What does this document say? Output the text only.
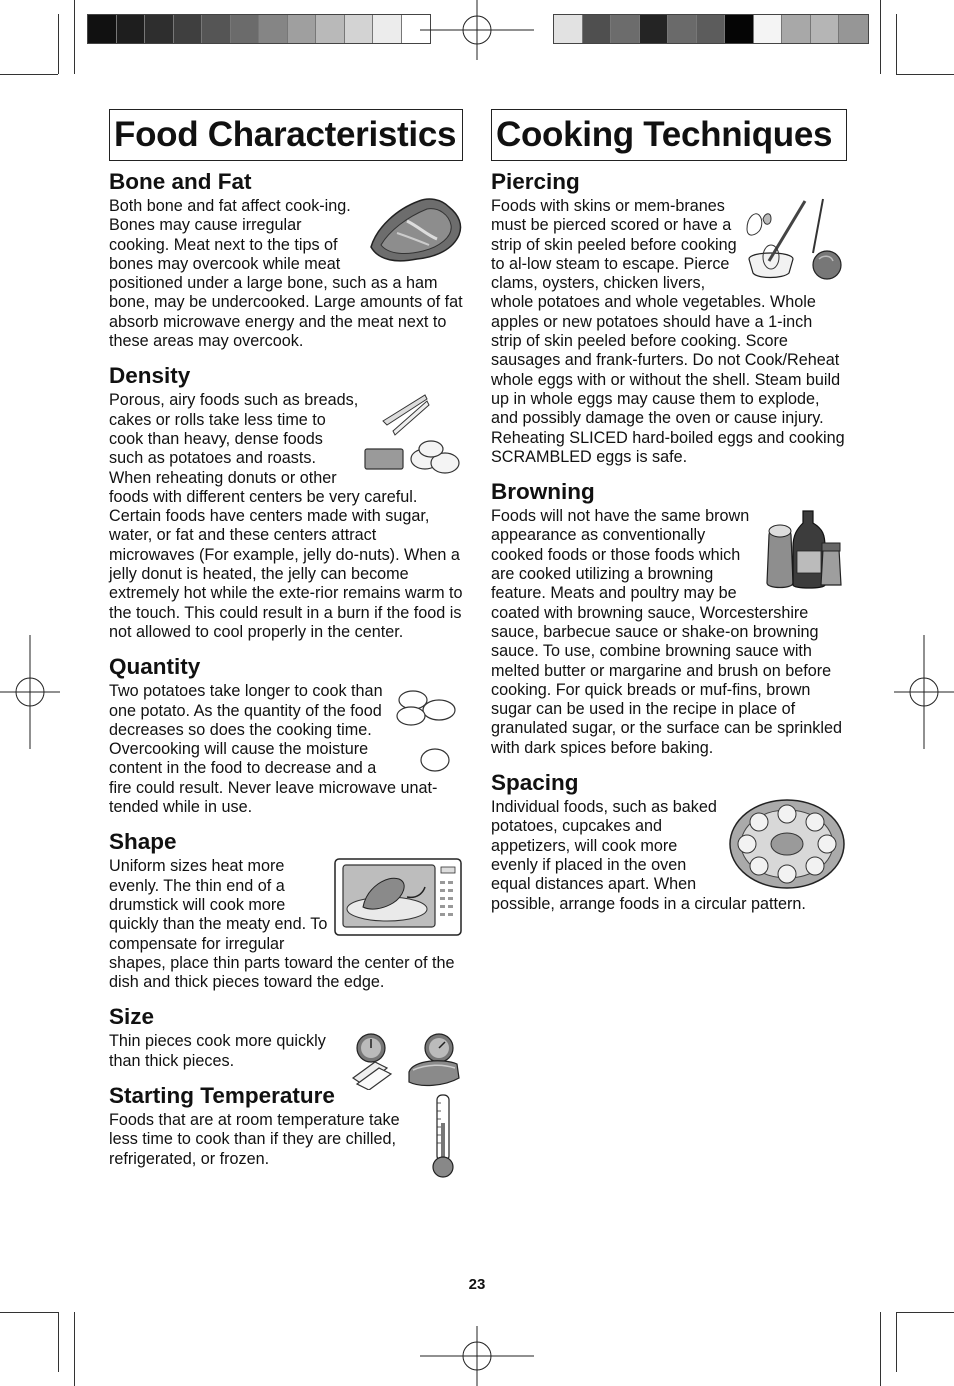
Food Characteristics
Bone and Fat

Both bone and fat affect cook-ing. Bones may cause irregular cooking. Meat next to the tips of bones may overcook while meat positioned under a large bone, such as a ham bone, may be undercooked. Large amounts of fat absorb microwave energy and the meat next to these areas may overcook.

Density

Porous, airy foods such as breads, cakes or rolls take less time to cook than heavy, dense foods such as potatoes and roasts. When reheating donuts or other foods with different centers be very careful. Certain foods have centers made with sugar, water, or fat and these centers attract microwaves (For example, jelly do-nuts). When a jelly donut is heated, the jelly can become extremely hot while the exte-rior remains warm to the touch. This could result in a burn if the food is not allowed to cool properly in the center.

Quantity

Two potatoes take longer to cook than one potato. As the quantity of the food decreases so does the cooking time. Overcooking will cause the moisture content in the food to decrease and a fire could result. Never leave microwave unat-tended while in use.

Shape

Uniform sizes heat more evenly. The thin end of a drumstick will cook more quickly than the meaty end. To compensate for irregular shapes, place thin parts toward the center of the dish and thick pieces toward the edge.

Size

Thin pieces cook more quickly than thick pieces.

Starting Temperature

Foods that are at room temperature take less time to cook than if they are chilled, refrigerated, or frozen.

Cooking Techniques
Piercing

Foods with skins or mem-branes must be pierced scored or have a strip of skin peeled before cooking to al-low steam to escape. Pierce clams, oysters, chicken livers, whole potatoes and whole vegetables. Whole apples or new potatoes should have a 1-inch strip of skin peeled before cooking. Score sausages and frank-furters. Do not Cook/Reheat whole eggs with or without the shell. Steam build up in whole eggs may cause them to explode, and possibly damage the oven or cause injury. Reheating SLICED hard-boiled eggs and cooking SCRAMBLED eggs is safe.

Browning

Foods will not have the same brown appearance as conventionally cooked foods or those foods which are cooked utilizing a browning feature. Meats and poultry may be coated with browning sauce, Worcestershire sauce, barbecue sauce or shake-on browning sauce. To use, combine browning sauce with melted butter or margarine and brush on before cooking. For quick breads or muf-fins, brown sugar can be used in the recipe in place of granulated sugar, or the surface can be sprinkled with dark spices before baking.

Spacing

Individual foods, such as baked potatoes, cupcakes and appetizers, will cook more evenly if placed in the oven equal distances apart. When possible, arrange foods in a circular pattern.

23
